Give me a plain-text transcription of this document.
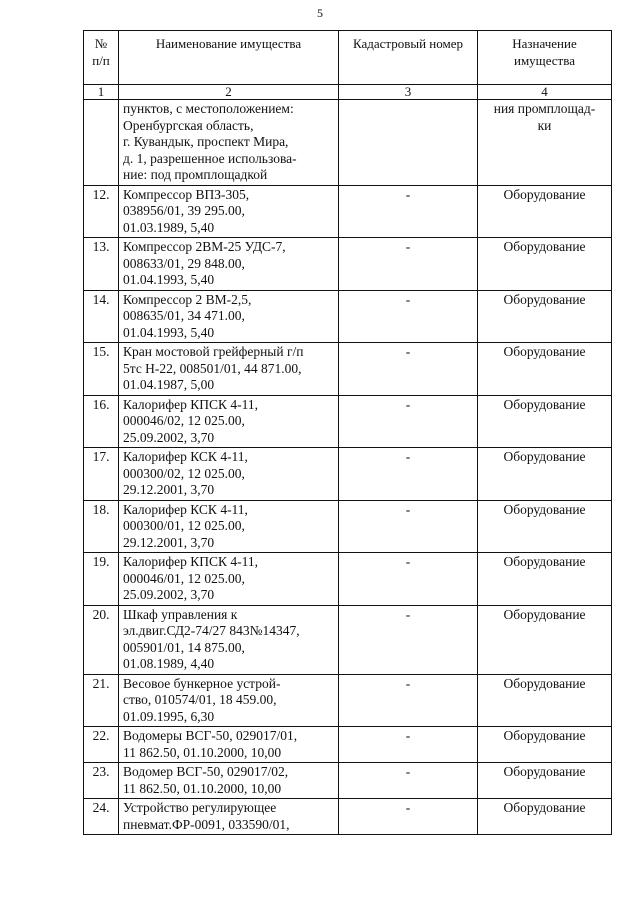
5
№ п/п	Наименование имущества	Кадастровый номер	Назначение имущества
1	2	3	4
	пунктов, с местоположением:
Оренбургская область,
г. Кувандык, проспект Мира,
д. 1, разрешенное использова-
ние: под промплощадкой		ния промплощад-
ки
12.	Компрессор ВПЗ-305,
038956/01, 39 295.00,
01.03.1989, 5,40	-	Оборудование
13.	Компрессор 2ВМ-25 УДС-7,
008633/01, 29 848.00,
01.04.1993, 5,40	-	Оборудование
14.	Компрессор 2 ВМ-2,5,
008635/01, 34 471.00,
01.04.1993, 5,40	-	Оборудование
15.	Кран мостовой грейферный г/п
5тс Н-22, 008501/01, 44 871.00,
01.04.1987, 5,00	-	Оборудование
16.	Калорифер КПСК 4-11,
000046/02, 12 025.00,
25.09.2002, 3,70	-	Оборудование
17.	Калорифер КСК 4-11,
000300/02, 12 025.00,
29.12.2001, 3,70	-	Оборудование
18.	Калорифер КСК 4-11,
000300/01, 12 025.00,
29.12.2001, 3,70	-	Оборудование
19.	Калорифер КПСК 4-11,
000046/01, 12 025.00,
25.09.2002, 3,70	-	Оборудование
20.	Шкаф управления к
эл.двиг.СД2-74/27 843№14347,
005901/01, 14 875.00,
01.08.1989, 4,40	-	Оборудование
21.	Весовое бункерное устрой-
ство, 010574/01, 18 459.00,
01.09.1995, 6,30	-	Оборудование
22.	Водомеры ВСГ-50, 029017/01,
11 862.50, 01.10.2000, 10,00	-	Оборудование
23.	Водомер ВСГ-50, 029017/02,
11 862.50, 01.10.2000, 10,00	-	Оборудование
24.	Устройство регулирующее
пневмат.ФР-0091, 033590/01,	-	Оборудование
